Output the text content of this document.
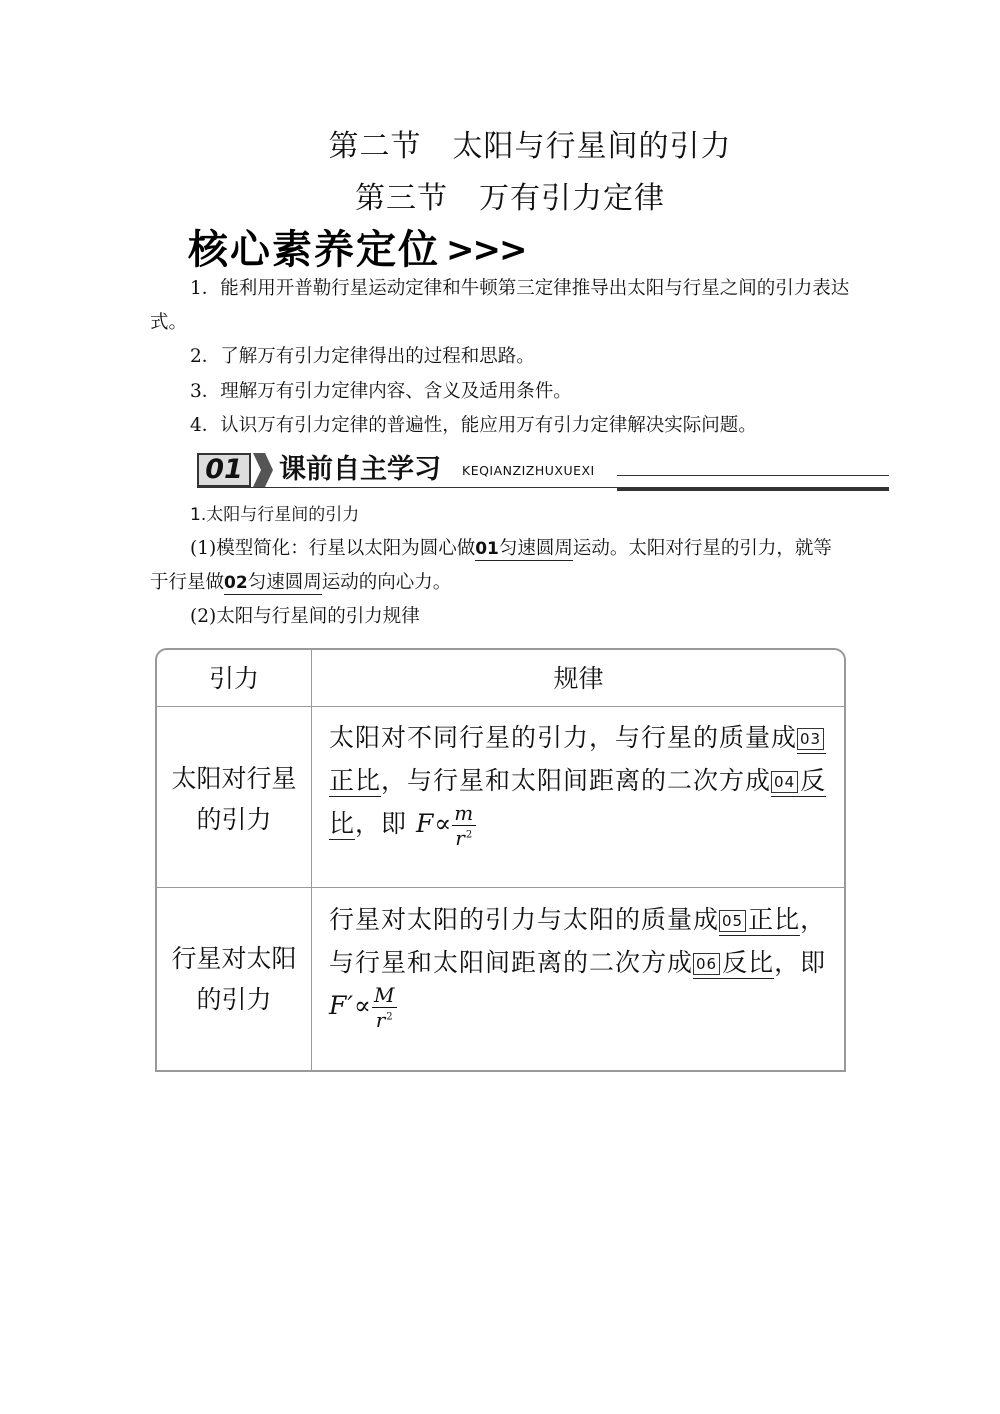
第二节　太阳与行星间的引力
第三节　万有引力定律
核心素养定位 >>>
1．能利用开普勒行星运动定律和牛顿第三定律推导出太阳与行星之间的引力表达式。
2．了解万有引力定律得出的过程和思路。
3．理解万有引力定律内容、含义及适用条件。
4．认识万有引力定律的普遍性，能应用万有引力定律解决实际问题。
01	课前自主学习 KEQIANZIZHUXUEXI
1.太阳与行星间的引力
(1)模型简化：行星以太阳为圆心做01匀速圆周运动。太阳对行星的引力，就等于行星做02匀速圆周运动的向心力。
(2)太阳与行星间的引力规律
引力	规律
太阳对行星的引力
太阳对不同行星的引力，与行星的质量成 03正比，与行星和太阳间距离的二次方成 04 反比，即 $F\propto \frac{m}{r^2}$
行星对太阳的引力
行星对太阳的引力与太阳的质量成 05 正比，与行星和太阳间距离的二次方成 06 反比，即 $F'\propto \frac{M}{r^2}$
